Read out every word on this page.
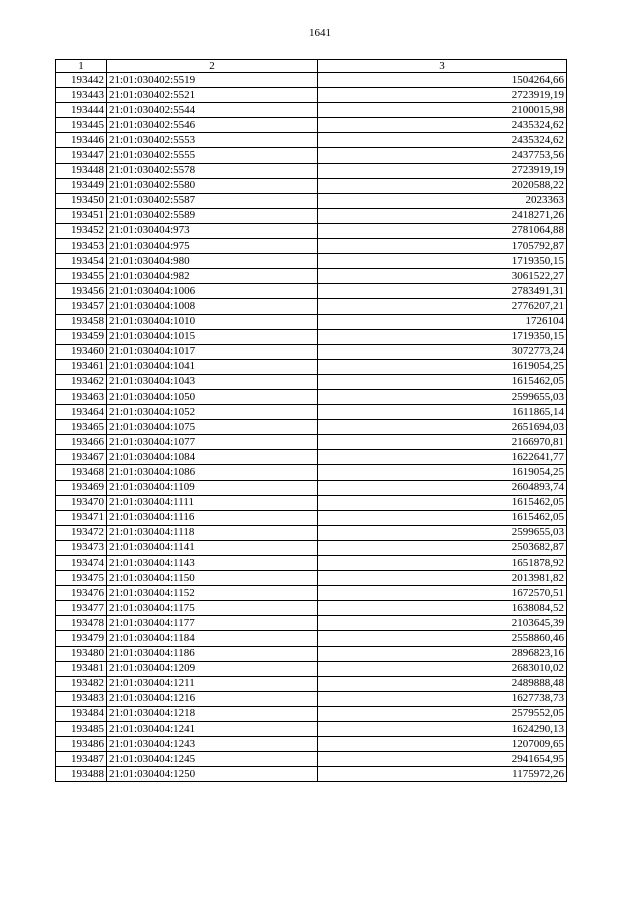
1641
1	2	3
193442	21:01:030402:5519	1504264,66
193443	21:01:030402:5521	2723919,19
193444	21:01:030402:5544	2100015,98
193445	21:01:030402:5546	2435324,62
193446	21:01:030402:5553	2435324,62
193447	21:01:030402:5555	2437753,56
193448	21:01:030402:5578	2723919,19
193449	21:01:030402:5580	2020588,22
193450	21:01:030402:5587	2023363
193451	21:01:030402:5589	2418271,26
193452	21:01:030404:973	2781064,88
193453	21:01:030404:975	1705792,87
193454	21:01:030404:980	1719350,15
193455	21:01:030404:982	3061522,27
193456	21:01:030404:1006	2783491,31
193457	21:01:030404:1008	2776207,21
193458	21:01:030404:1010	1726104
193459	21:01:030404:1015	1719350,15
193460	21:01:030404:1017	3072773,24
193461	21:01:030404:1041	1619054,25
193462	21:01:030404:1043	1615462,05
193463	21:01:030404:1050	2599655,03
193464	21:01:030404:1052	1611865,14
193465	21:01:030404:1075	2651694,03
193466	21:01:030404:1077	2166970,81
193467	21:01:030404:1084	1622641,77
193468	21:01:030404:1086	1619054,25
193469	21:01:030404:1109	2604893,74
193470	21:01:030404:1111	1615462,05
193471	21:01:030404:1116	1615462,05
193472	21:01:030404:1118	2599655,03
193473	21:01:030404:1141	2503682,87
193474	21:01:030404:1143	1651878,92
193475	21:01:030404:1150	2013981,82
193476	21:01:030404:1152	1672570,51
193477	21:01:030404:1175	1638084,52
193478	21:01:030404:1177	2103645,39
193479	21:01:030404:1184	2558860,46
193480	21:01:030404:1186	2896823,16
193481	21:01:030404:1209	2683010,02
193482	21:01:030404:1211	2489888,48
193483	21:01:030404:1216	1627738,73
193484	21:01:030404:1218	2579552,05
193485	21:01:030404:1241	1624290,13
193486	21:01:030404:1243	1207009,65
193487	21:01:030404:1245	2941654,95
193488	21:01:030404:1250	1175972,26
